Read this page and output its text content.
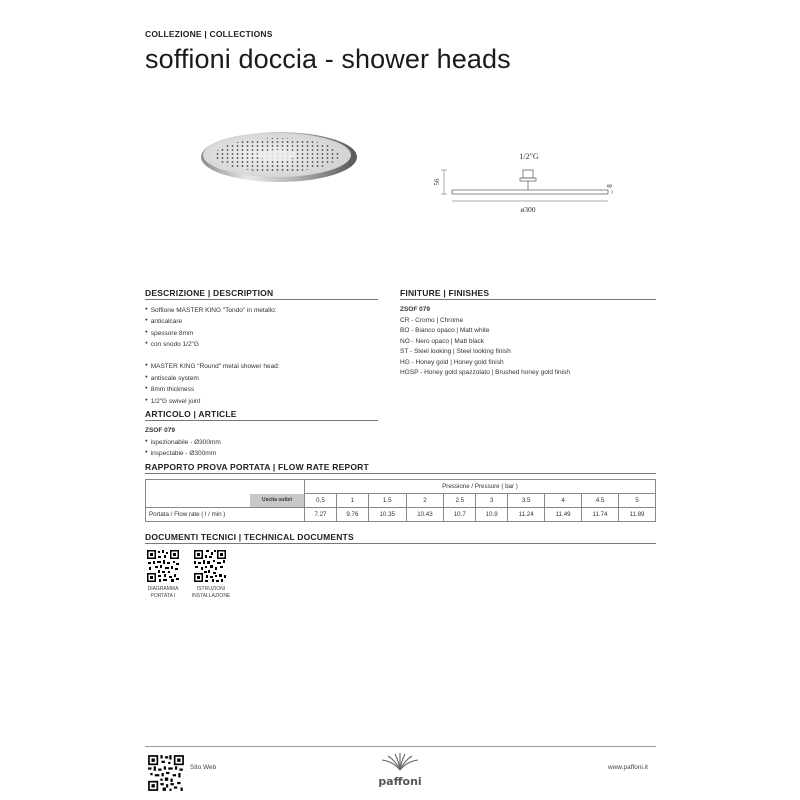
COLLEZIONE | COLLECTIONS
soffioni doccia - shower heads
1/2"G
56
8
ø300
DESCRIZIONE | DESCRIPTION
● Soffione MASTER KING "Tondo" in metallo:
● anticalcare
● spessore 8mm
● con snodo 1/2"G
● MASTER KING "Round" metal shower head:
● antiscale system
● 8mm thickness
● 1/2"G swivel joint
FINITURE | FINISHES
ZSOF 079
CR - Cromo | Chrome
BO - Bianco opaco | Matt white
NO - Nero opaco | Matt black
ST - Steel looking | Steel looking finish
HG - Honey gold | Honey gold finish
HGSP - Honey gold spazzolato | Brushed honey gold finish
ARTICOLO | ARTICLE
ZSOF 079
● ispezionabile - Ø300mm
● inspectable - Ø300mm
RAPPORTO PROVA PORTATA | FLOW RATE REPORT
	Pressione / Pressure ( bar )									

Uscita outlet	0,5	1	1.5	2	2.5	3	3.5	4	4.5	5
Portata / Flow rate ( l / min )	7.27	9.76	10.35	10.43	10.7	10.9	11.24	11.49	11.74	11.89
DOCUMENTI TECNICI | TECHNICAL DOCUMENTS
DIAGRAMMA
PORTATA I
ISTRUZIONI
INSTALLAZIONE
Sito Web
paffoni
www.paffoni.it
